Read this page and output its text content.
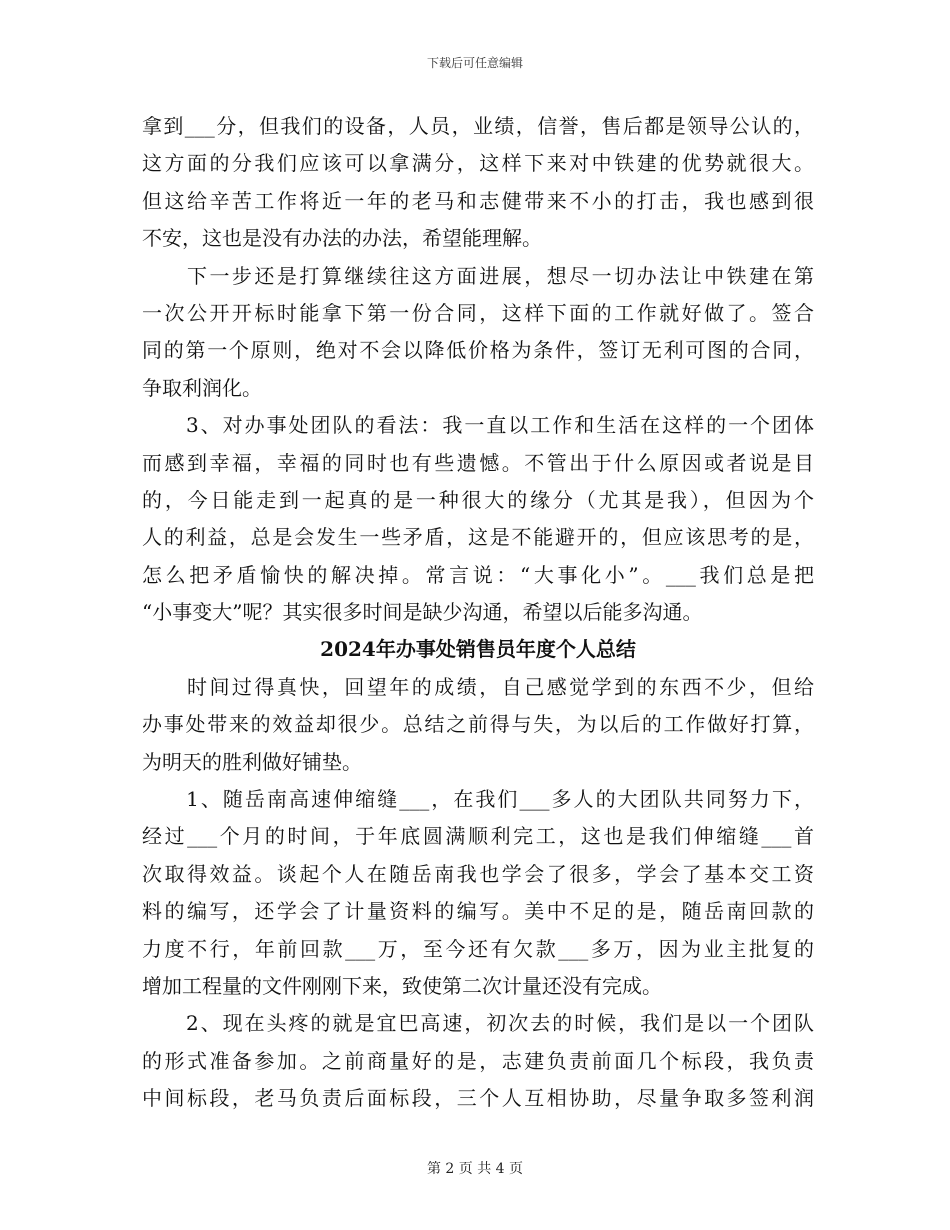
下载后可任意编辑
拿到___分，但我们的设备，人员，业绩，信誉，售后都是领导公认的，
这方面的分我们应该可以拿满分，这样下来对中铁建的优势就很大。
但这给辛苦工作将近一年的老马和志健带来不小的打击，我也感到很
不安，这也是没有办法的办法，希望能理解。
　　下一步还是打算继续往这方面进展，想尽一切办法让中铁建在第
一次公开开标时能拿下第一份合同，这样下面的工作就好做了。签合
同的第一个原则，绝对不会以降低价格为条件，签订无利可图的合同，
争取利润化。
　　3、对办事处团队的看法：我一直以工作和生活在这样的一个团体
而感到幸福，幸福的同时也有些遗憾。不管出于什么原因或者说是目
的，今日能走到一起真的是一种很大的缘分（尤其是我），但因为个
人的利益，总是会发生一些矛盾，这是不能避开的，但应该思考的是，
怎么把矛盾愉快的解决掉。常言说：“大事化小”。___我们总是把
“小事变大”呢？其实很多时间是缺少沟通，希望以后能多沟通。
2024年办事处销售员年度个人总结
　　时间过得真快，回望年的成绩，自己感觉学到的东西不少，但给
办事处带来的效益却很少。总结之前得与失，为以后的工作做好打算，
为明天的胜利做好铺垫。
　　1、随岳南高速伸缩缝___，在我们___多人的大团队共同努力下，
经过___个月的时间，于年底圆满顺利完工，这也是我们伸缩缝___首
次取得效益。谈起个人在随岳南我也学会了很多，学会了基本交工资
料的编写，还学会了计量资料的编写。美中不足的是，随岳南回款的
力度不行，年前回款___万，至今还有欠款___多万，因为业主批复的
增加工程量的文件刚刚下来，致使第二次计量还没有完成。
　　2、现在头疼的就是宜巴高速，初次去的时候，我们是以一个团队
的形式准备参加。之前商量好的是，志建负责前面几个标段，我负责
中间标段，老马负责后面标段，三个人互相协助，尽量争取多签利润
第 2 页 共 4 页
